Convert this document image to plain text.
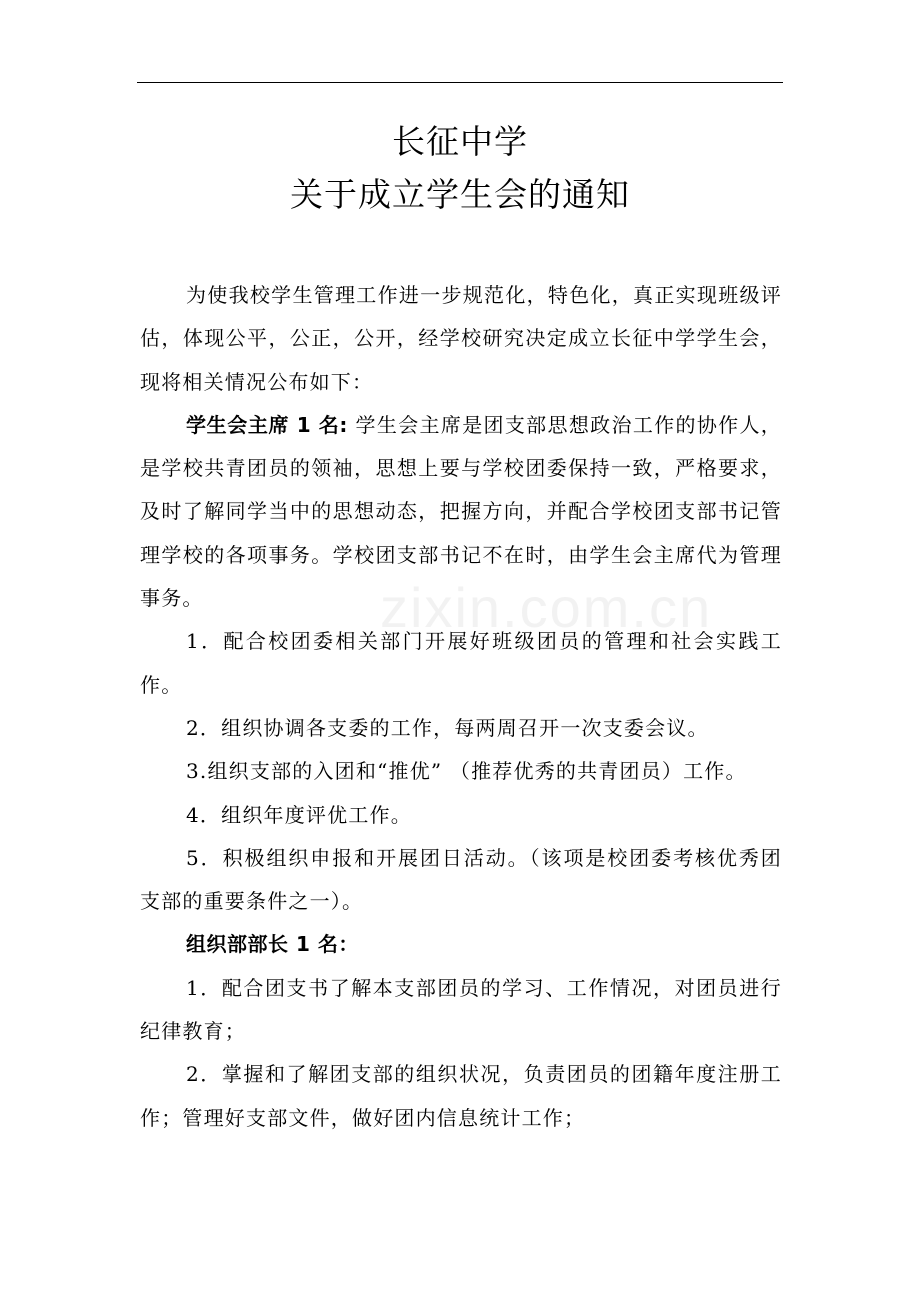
长征中学
关于成立学生会的通知
zixin.com.cn

为使我校学生管理工作进一步规范化，特色化，真正实现班级评估，体现公平，公正，公开，经学校研究决定成立长征中学学生会，现将相关情况公布如下：

学生会主席 1 名: 学生会主席是团支部思想政治工作的协作人，是学校共青团员的领袖，思想上要与学校团委保持一致，严格要求，及时了解同学当中的思想动态，把握方向，并配合学校团支部书记管理学校的各项事务。学校团支部书记不在时，由学生会主席代为管理事务。

1．配合校团委相关部门开展好班级团员的管理和社会实践工作。

2．组织协调各支委的工作，每两周召开一次支委会议。

3.组织支部的入团和“推优” （推荐优秀的共青团员）工作。

4．组织年度评优工作。

5．积极组织申报和开展团日活动。（该项是校团委考核优秀团支部的重要条件之一）。

组织部部长 1 名：

1．配合团支书了解本支部团员的学习、工作情况，对团员进行纪律教育；

2．掌握和了解团支部的组织状况，负责团员的团籍年度注册工作；管理好支部文件，做好团内信息统计工作；
